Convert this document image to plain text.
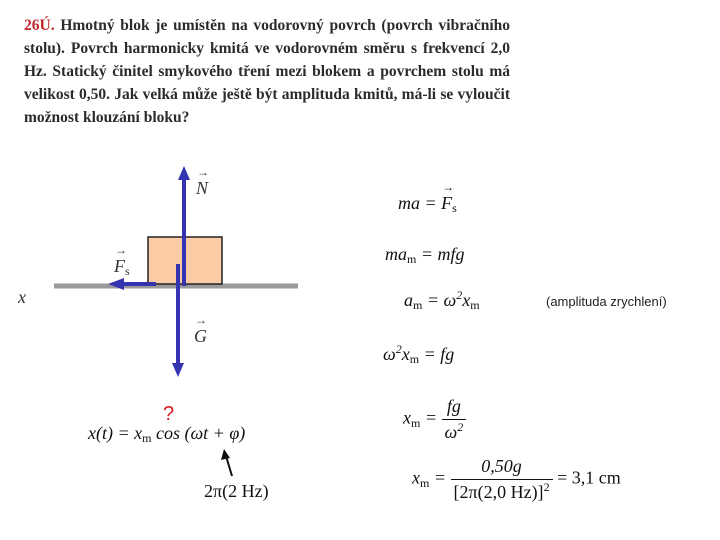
26Ú. Hmotný blok je umístěn na vodorovný povrch (povrch vibračního stolu). Povrch harmonicky kmitá ve vodorovném směru s frekvencí 2,0 Hz. Statický činitel smykového tření mezi blokem a povrchem stolu má velikost 0,50. Jak velká může ještě být amplituda kmitů, má-li se vyloučit možnost klouzání bloku?
→ N
→ Fs
x
→ G
x(t) = xm cos (ωt + φ)
?
2π(2 Hz)
ma = → Fs
mam = mfg
am = $\omega^2xm$	(amplituda zrychlení)
$\omega^2xm$ = fg
xm = $\frac{fg}{\omega^2}$
xm = $\frac{0,50g}{[2\pi(2,0 Hz)]^2} = 3,1$ cm
